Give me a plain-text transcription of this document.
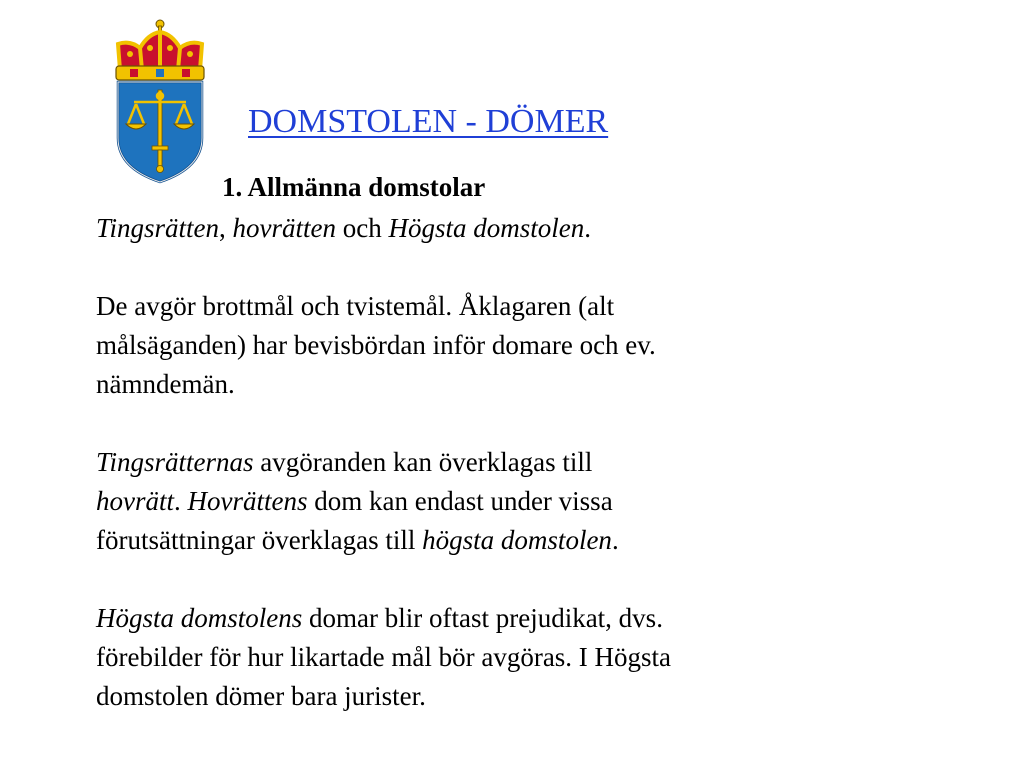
DOMSTOLEN - DÖMER
1. Allmänna domstolar

Tingsrätten, hovrätten och Högsta domstolen.

De avgör brottmål och tvistemål. Åklagaren (alt
målsäganden) har bevisbördan inför domare och ev.
nämndemän.

Tingsrätternas avgöranden kan överklagas till
hovrätt. Hovrättens dom kan endast under vissa
förutsättningar överklagas till högsta domstolen.

Högsta domstolens domar blir oftast prejudikat, dvs.
förebilder för hur likartade mål bör avgöras. I Högsta
domstolen dömer bara jurister.
